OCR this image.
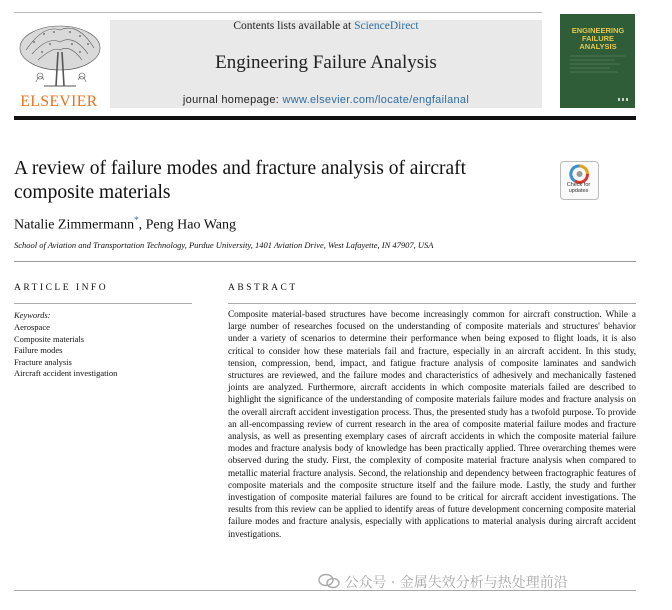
ELSEVIER
Contents lists available at ScienceDirect
Engineering Failure Analysis
journal homepage: www.elsevier.com/locate/engfailanal
ENGINEERING FAILURE ANALYSIS
A review of failure modes and fracture analysis of aircraft composite materials	Check for updates
Natalie Zimmermann*, Peng Hao Wang
School of Aviation and Transportation Technology, Purdue University, 1401 Aviation Drive, West Lafayette, IN 47907, USA
ARTICLE INFO
Keywords:
Aerospace
Composite materials
Failure modes
Fracture analysis
Aircraft accident investigation
ABSTRACT
Composite material-based structures have become increasingly common for aircraft construction. While a large number of researches focused on the understanding of composite materials and structures' behavior under a variety of scenarios to determine their performance when being exposed to flight loads, it is also critical to consider how these materials fail and fracture, especially in an aircraft accident. In this study, tension, compression, bend, impact, and fatigue fracture analysis of composite laminates and sandwich structures are reviewed, and the failure modes and characteristics of adhesively and mechanically fastened joints are analyzed. Furthermore, aircraft accidents in which composite materials failed are described to highlight the significance of the understanding of composite materials failure modes and fracture analysis on the overall aircraft accident investigation process. Thus, the presented study has a twofold purpose. To provide an all-encompassing review of current research in the area of composite material failure modes and fracture analysis, as well as presenting exemplary cases of aircraft accidents in which the composite material failure modes and fracture analysis body of knowledge has been practically applied. Three overarching themes were observed during the study. First, the complexity of composite material fracture analysis when compared to metallic material fracture analysis. Second, the relationship and dependency between fractographic features of composite materials and the composite structure itself and the failure mode. Lastly, the study and further investigation of composite material failures are found to be critical for aircraft accident investigations. The results from this review can be applied to identify areas of future development concerning composite material failure modes and fracture analysis, especially with applications to material analysis during aircraft accident investigations.
公众号 · 金属失效分析与热处理前沿
